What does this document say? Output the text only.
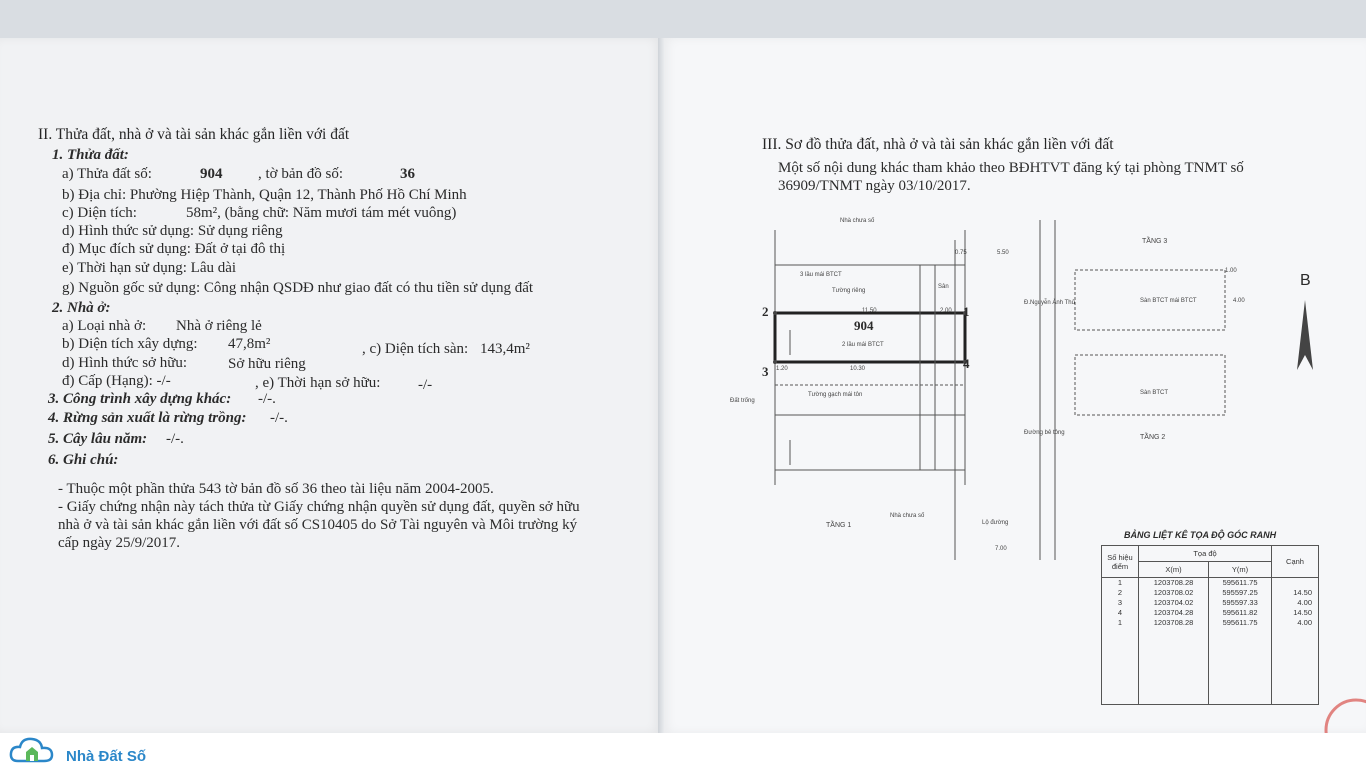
II. Thửa đất, nhà ở và tài sản khác gắn liền với đất
1. Thửa đất:
a) Thửa đất số:	904 , tờ bản đồ số:	36
b) Địa chỉ: Phường Hiệp Thành, Quận 12, Thành Phố Hồ Chí Minh
c) Diện tích:	58m², (bằng chữ: Năm mươi tám mét vuông)
d) Hình thức sử dụng: Sử dụng riêng
đ) Mục đích sử dụng: Đất ở tại đô thị
e) Thời hạn sử dụng: Lâu dài
g) Nguồn gốc sử dụng: Công nhận QSDĐ như giao đất có thu tiền sử dụng đất
2. Nhà ở:
a) Loại nhà ở: Nhà ở riêng lẻ
b) Diện tích xây dựng: 47,8m²	, c) Diện tích sàn: 143,4m²
d) Hình thức sở hữu:	Sở hữu riêng
đ) Cấp (Hạng): -/-	, e) Thời hạn sở hữu:	-/-
3. Công trình xây dựng khác: -/-.
4. Rừng sản xuất là rừng trồng: -/-.
5. Cây lâu năm: -/-.
6. Ghi chú:
- Thuộc một phần thửa 543 tờ bản đồ số 36 theo tài liệu năm 2004-2005.
- Giấy chứng nhận này tách thửa từ Giấy chứng nhận quyền sử dụng đất, quyền sở hữu
nhà ở và tài sản khác gắn liền với đất số CS10405 do Sở Tài nguyên và Môi trường ký
cấp ngày 25/9/2017.
III. Sơ đồ thửa đất, nhà ở và tài sản khác gắn liền với đất
Một số nội dung khác tham khảo theo BĐHTVT đăng ký tại phòng TNMT số
36909/TNMT ngày 03/10/2017.
904
2	1
3
4
Nhà chưa số
Nhà chưa số
TẦNG 1
TẦNG 2
TẦNG 3
3 lầu mái BTCT
2 lầu mái BTCT
Tường riêng
Sân
Đất trống
Tường gạch mái tôn
Đ.Nguyễn Ảnh Thủ
Đường bê tông
Sàn BTCT mái BTCT
Sàn BTCT
5.50
0.75
11.50	2.00
1.20	10.30
7.00
1.00
4.00
Lộ đường
B
BẢNG LIỆT KÊ TỌA ĐỘ GÓC RANH
Số hiệu điểm	Tọa độ		Cạnh
	X(m)	Y(m)	
1	1203708.28	595611.75	
2	1203708.02	595597.25	14.50
3	1203704.02	595597.33	4.00
4	1203704.28	595611.82	14.50
1	1203708.28	595611.75	4.00

Nhà Đất Số
